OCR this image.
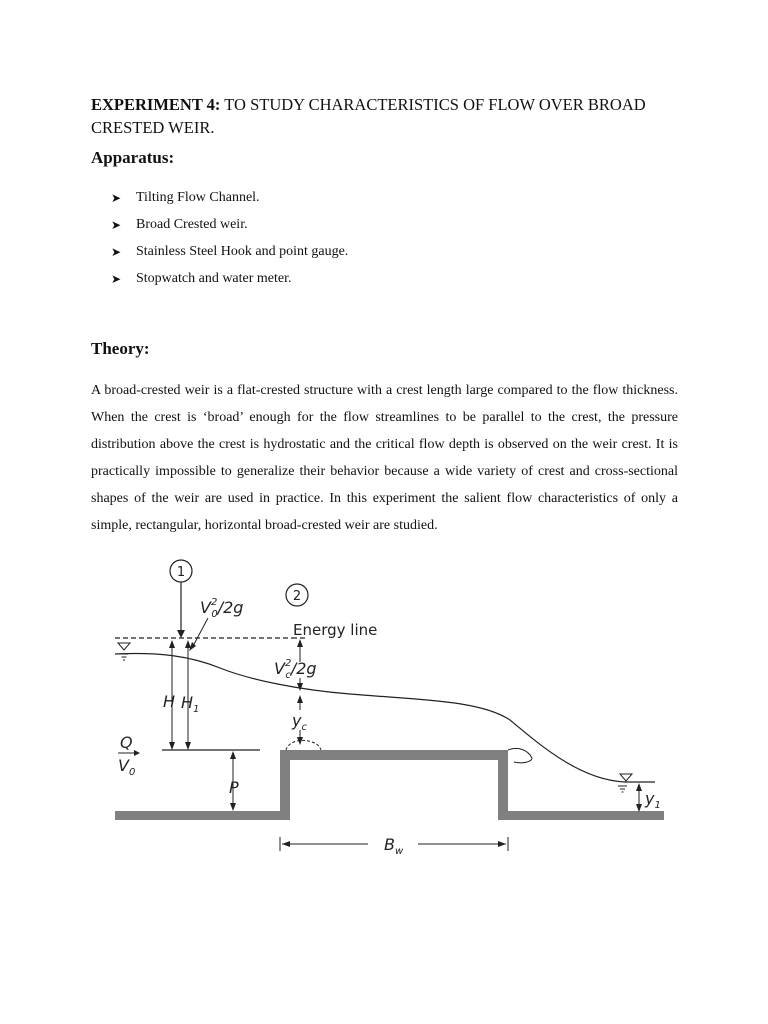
EXPERIMENT 4: TO STUDY CHARACTERISTICS OF FLOW OVER BROAD CRESTED WEIR.
Apparatus:
➤ Tilting Flow Channel.
➤ Broad Crested weir.
➤ Stainless Steel Hook and point gauge.
➤ Stopwatch and water meter.
Theory:

A broad-crested weir is a flat-crested structure with a crest length large compared to the flow thickness. When the crest is ‘broad’ enough for the flow streamlines to be parallel to the crest, the pressure distribution above the crest is hydrostatic and the critical flow depth is observed on the weir crest. It is practically impossible to generalize their behavior because a wide variety of crest and cross-sectional shapes of the weir are used in practice. In this experiment the salient flow characteristics of only a simple, rectangular, horizontal broad-crested weir are studied.

Energy line
1
2
$V^2$ 0/2g
H $H_1$
P
Q
$V_0$
$V^2$ c/2g
$y_c$
$y_1$
$B_w$
